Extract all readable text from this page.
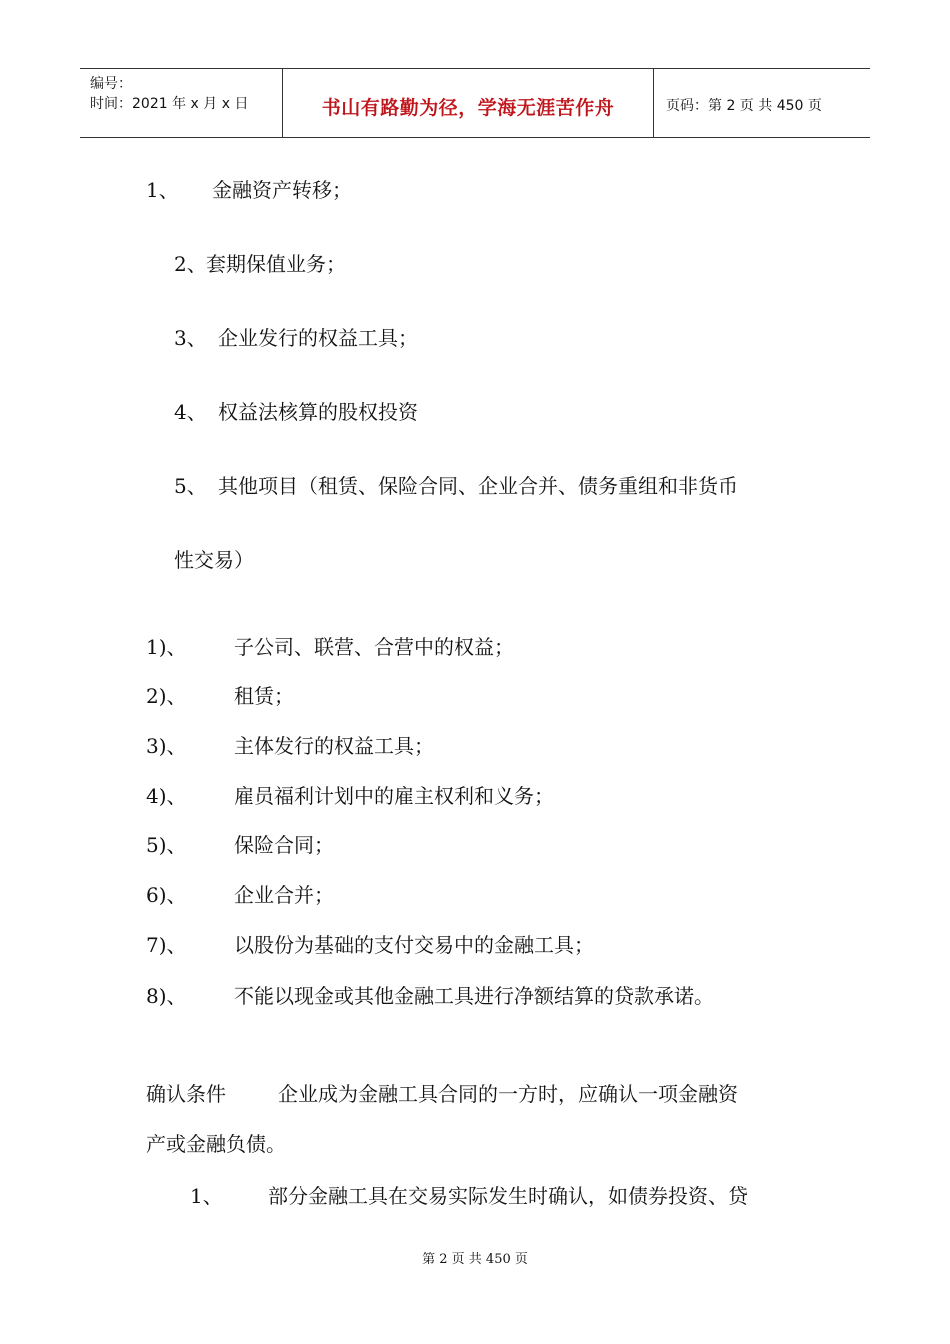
编号：
时间：2021 年 x 月 x 日	书山有路勤为径，学海无涯苦作舟	页码：第 2 页 共 450 页
1、 金融资产转移；
2、 套期保值业务；
3、 企业发行的权益工具；
4、 权益法核算的股权投资
5、 其他项目（租赁、保险合同、企业合并、债务重组和非货币
性交易）
1)、 子公司、联营、合营中的权益；
2)、 租赁；
3)、 主体发行的权益工具；
4)、 雇员福利计划中的雇主权利和义务；
5)、 保险合同；
6)、 企业合并；
7)、 以股份为基础的支付交易中的金融工具；
8)、 不能以现金或其他金融工具进行净额结算的贷款承诺。
确认条件	企业成为金融工具合同的一方时，应确认一项金融资
产或金融负债。
1、 部分金融工具在交易实际发生时确认，如债券投资、贷
第 2 页 共 450 页
